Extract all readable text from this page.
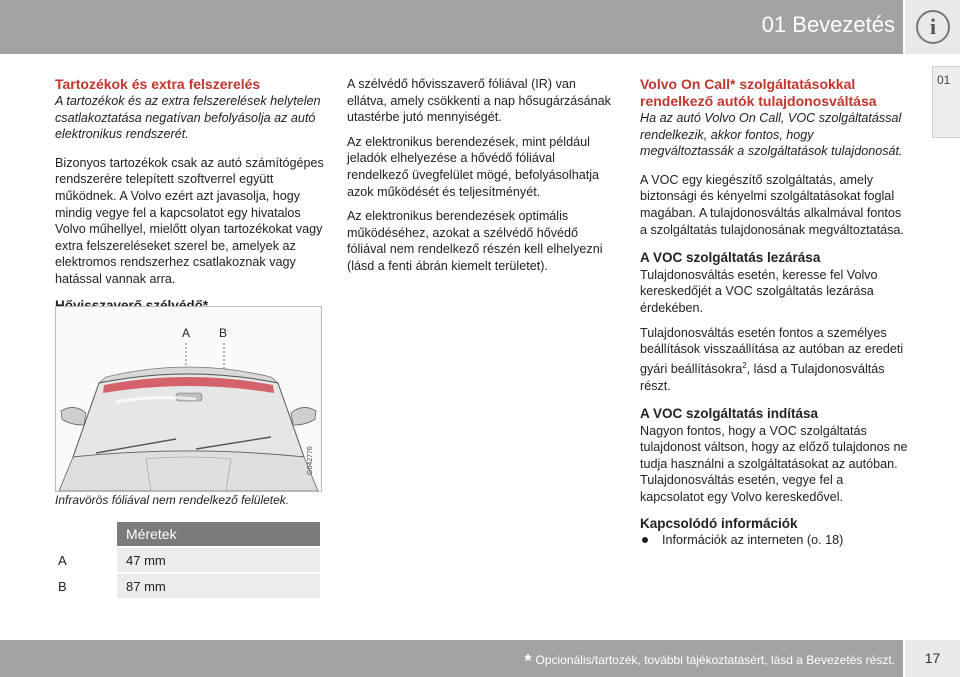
01 Bevezetés	i
01
Tartozékok és extra felszerelés

A tartozékok és az extra felszerelések helytelen csatlakoztatása negatívan befolyásolja az autó elektronikus rendszerét.

Bizonyos tartozékok csak az autó számítógépes rendszerére telepített szoftverrel együtt működnek. A Volvo ezért azt javasolja, hogy mindig vegye fel a kapcsolatot egy hivatalos Volvo műhellyel, mielőtt olyan tartozékokat vagy extra felszereléseket szerel be, amelyek az elektromos rendszerhez csatlakoznak vagy hatással vannak arra.

A B
G042776
Infravörös fóliával nem rendelkező felületek.
	Méretek
A	47 mm
B	87 mm

A szélvédő hővisszaverő fóliával (IR) van ellátva, amely csökkenti a nap hősugárzásának utastérbe jutó mennyiségét.

Az elektronikus berendezések, mint például jeladók elhelyezése a hővédő fóliával rendelkező üvegfelület mögé, befolyásolhatja azok működését és teljesítményét.

Az elektronikus berendezések optimális működéséhez, azokat a szélvédő hővédő fóliával nem rendelkező részén kell elhelyezni (lásd a fenti ábrán kiemelt területet).

Volvo On Call* szolgáltatásokkal rendelkező autók tulajdonosváltása

Ha az autó Volvo On Call, VOC szolgáltatással rendelkezik, akkor fontos, hogy megváltoztassák a szolgáltatások tulajdonosát.

A VOC egy kiegészítő szolgáltatás, amely biztonsági és kényelmi szolgáltatásokat foglal magában. A tulajdonosváltás alkalmával fontos a szolgáltatás tulajdonosának megváltoztatása.

A VOC szolgáltatás lezárása

Tulajdonosváltás esetén, keresse fel Volvo kereskedőjét a VOC szolgáltatás lezárása érdekében.

Tulajdonosváltás esetén fontos a személyes beállítások visszaállítása az autóban az eredeti gyári beállításokra$^2$, lásd a Tulajdonosváltás részt.

A VOC szolgáltatás indítása

Nagyon fontos, hogy a VOC szolgáltatás tulajdonost váltson, hogy az előző tulajdonos ne tudja használni a szolgáltatásokat az autóban. Tulajdonosváltás esetén, vegye fel a kapcsolatot egy Volvo kereskedővel.

Kapcsolódó információk
Információk az interneten (o. 18)
* Opcionális/tartozék, további tájékoztatásért, lásd a Bevezetés részt.	17
